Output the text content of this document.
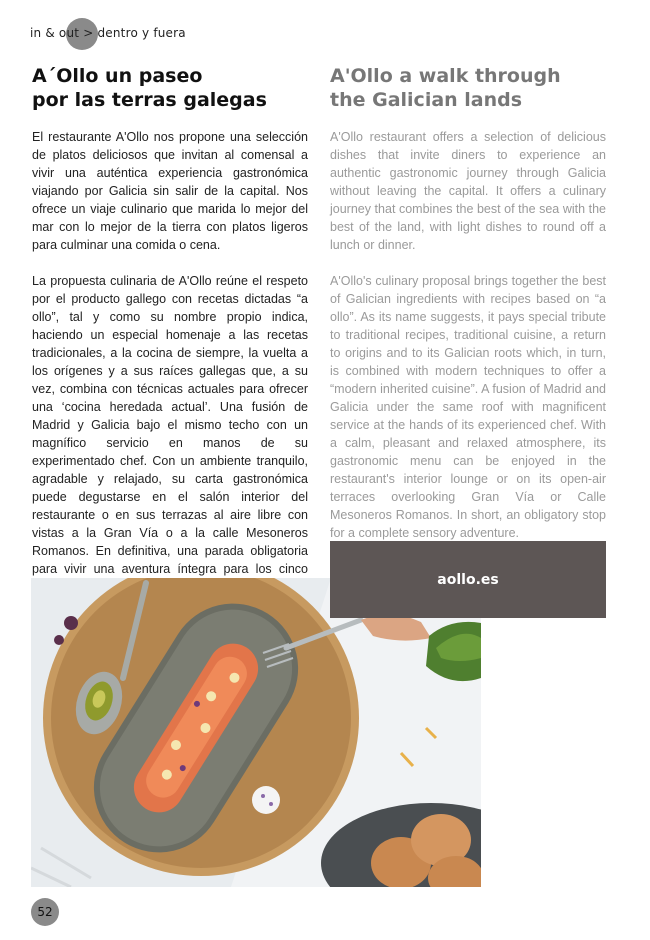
in & out > dentro y fuera
A´Ollo un paseo
por las terras galegas

El restaurante A'Ollo nos propone una selección de platos deliciosos que invitan al comensal a vivir una auténtica experiencia gastronómica viajando por Galicia sin salir de la capital. Nos ofrece un viaje culinario que marida lo mejor del mar con lo mejor de la tierra con platos ligeros para culminar una comida o cena.

La propuesta culinaria de A'Ollo reúne el respeto por el producto gallego con recetas dictadas “a ollo”, tal y como su nombre propio indica, haciendo un especial homenaje a las recetas tradicionales, a la cocina de siempre, la vuelta a los orígenes y a sus raíces gallegas que, a su vez, combina con técnicas actuales para ofrecer una ‘cocina heredada actual’. Una fusión de Madrid y Galicia bajo el mismo techo con un magnífico servicio en manos de su experimentado chef. Con un ambiente tranquilo, agradable y relajado, su carta gastronómica puede degustarse en el salón interior del restaurante o en sus terrazas al aire libre con vistas a la Gran Vía o a la calle Mesoneros Romanos. En definitiva, una parada obligatoria para vivir una aventura íntegra para los cinco

A'Ollo a walk through
the Galician lands

A'Ollo restaurant offers a selection of delicious dishes that invite diners to experience an authentic gastronomic journey through Galicia without leaving the capital. It offers a culinary journey that combines the best of the sea with the best of the land, with light dishes to round off a lunch or dinner.

A'Ollo's culinary proposal brings together the best of Galician ingredients with recipes based on “a ollo”. As its name suggests, it pays special tribute to traditional recipes, traditional cuisine, a return to origins and to its Galician roots which, in turn, is combined with modern techniques to offer a “modern inherited cuisine”. A fusion of Madrid and Galicia under the same roof with magnificent service at the hands of its experienced chef. With a calm, pleasant and relaxed atmosphere, its gastronomic menu can be enjoyed in the restaurant's interior lounge or on its open-air terraces overlooking Gran Vía or Calle Mesoneros Romanos. In short, an obligatory stop for a complete sensory adventure.

aollo.es
52
